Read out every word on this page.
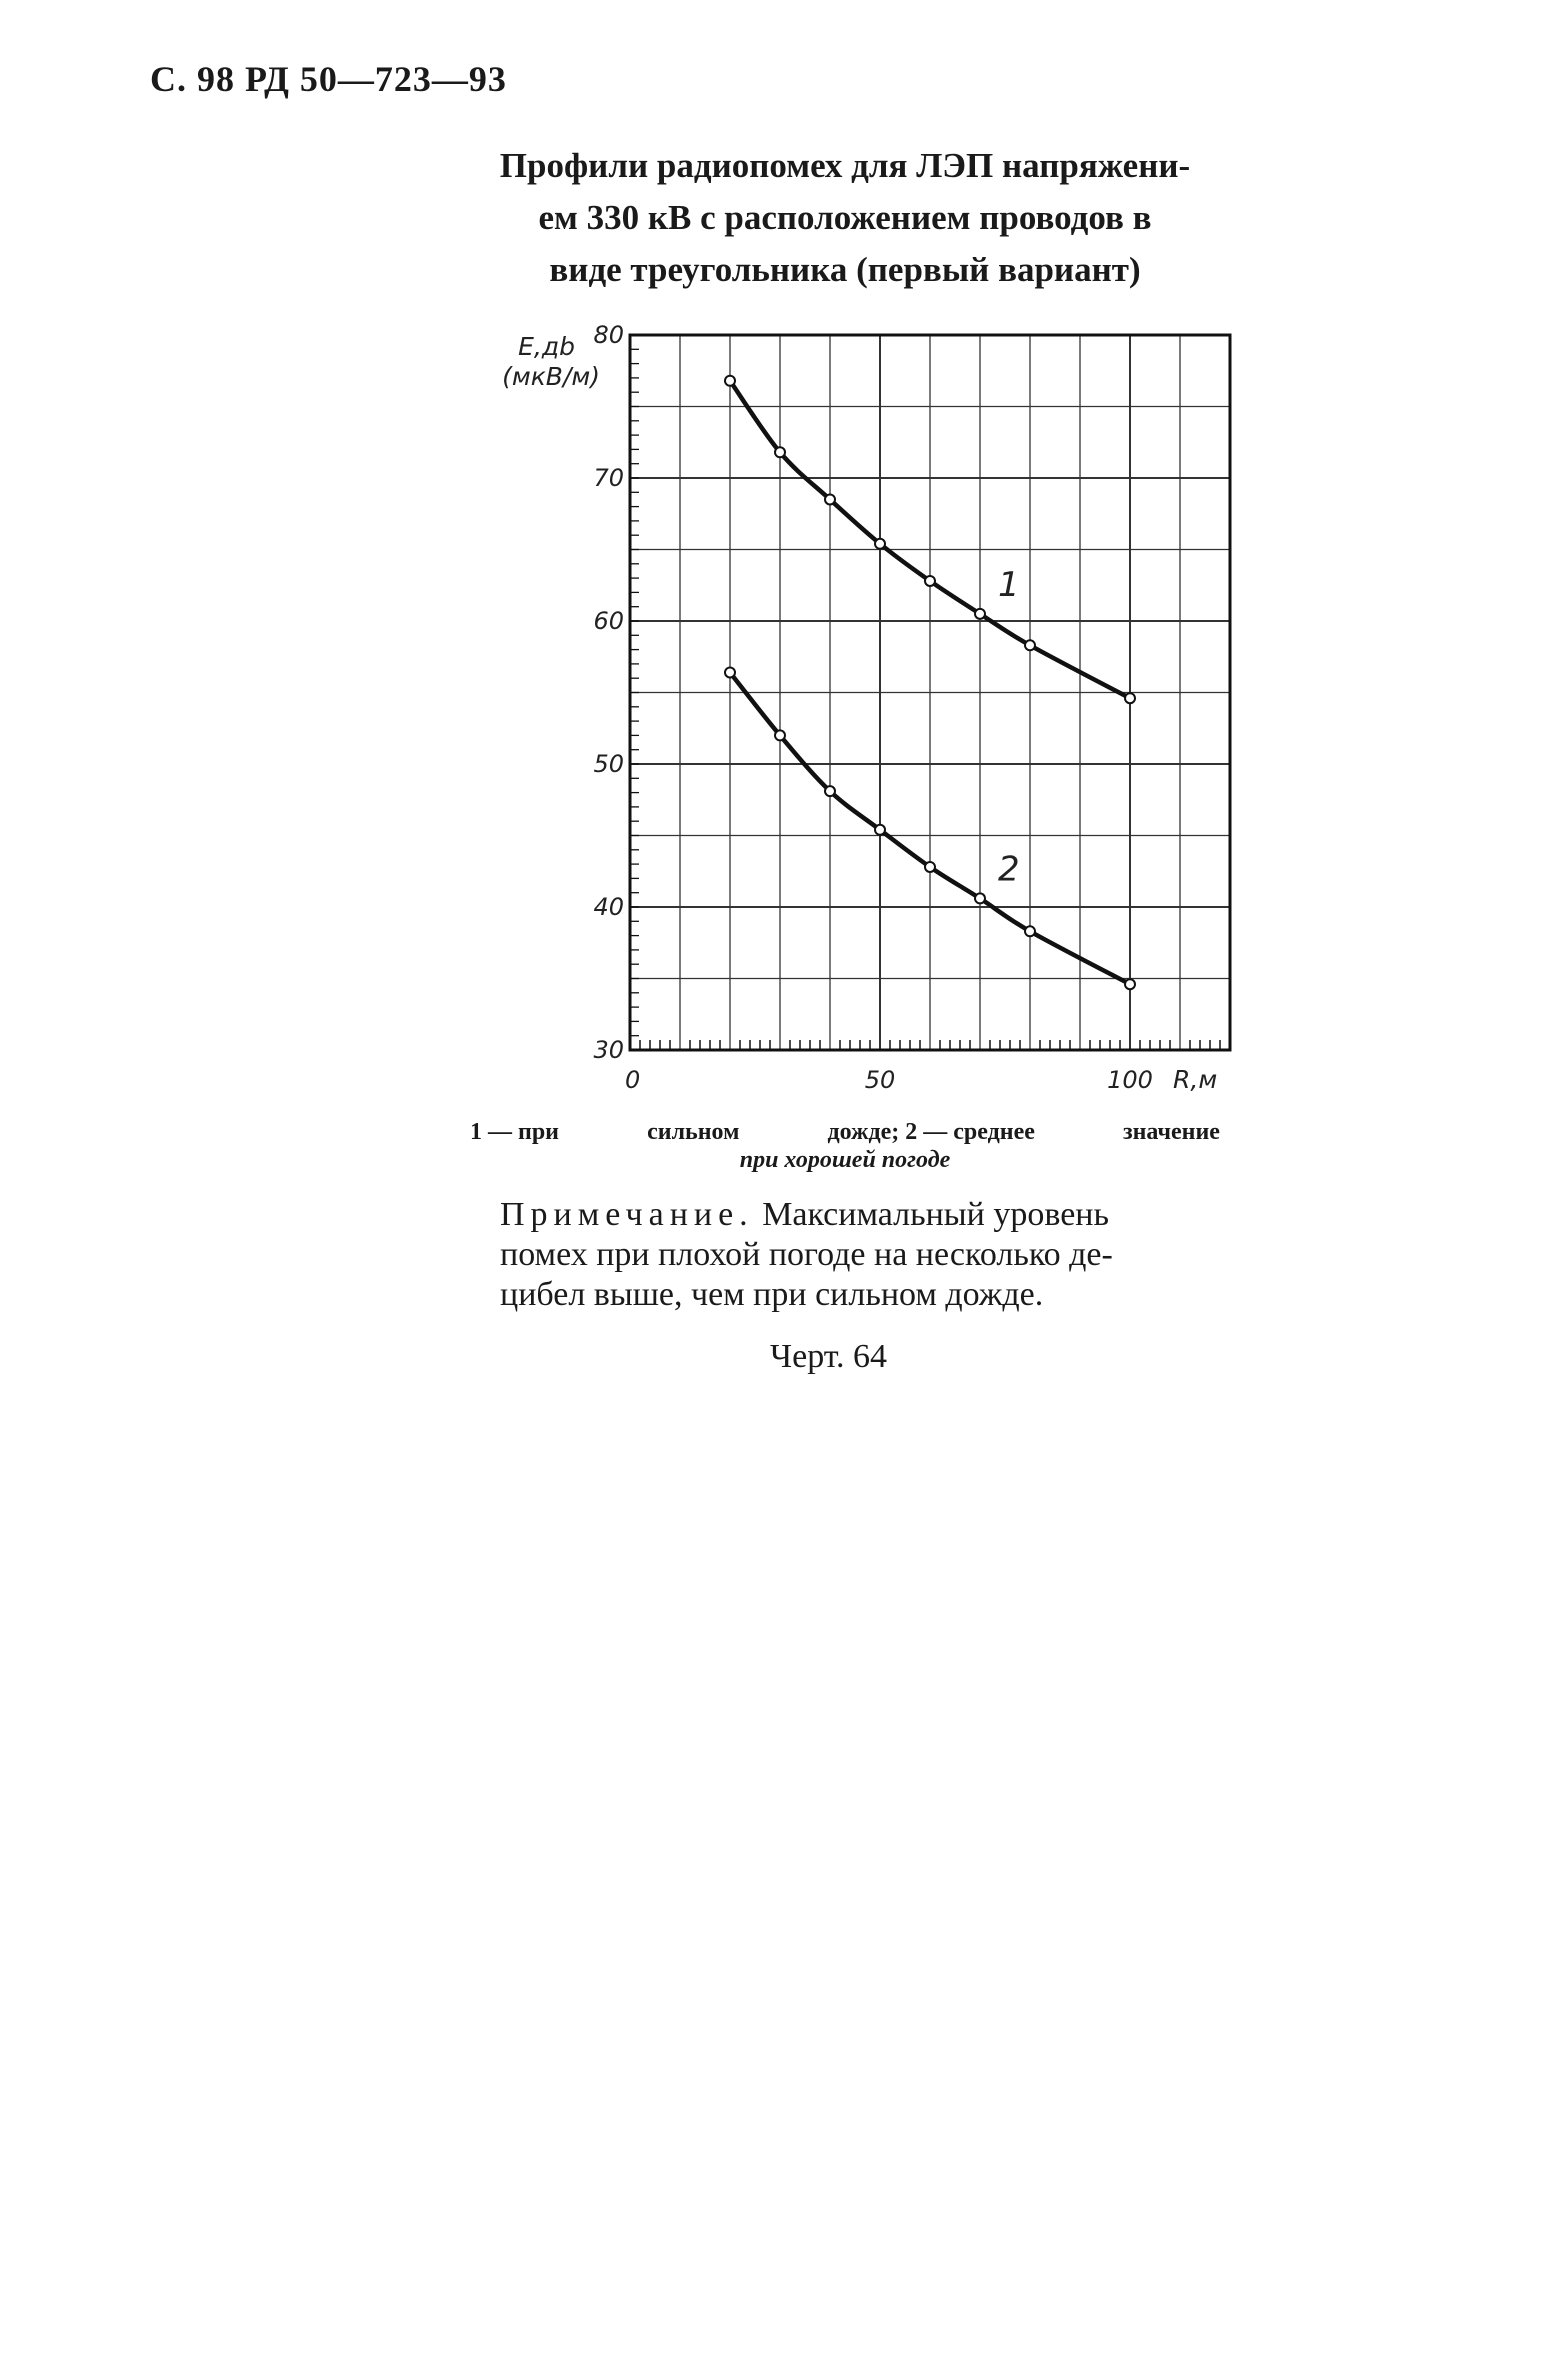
С. 98 РД 50—723—93
Профили радиопомех для ЛЭП напряжени-
ем 330 кВ с расположением проводов в
виде треугольника (первый вариант)
30
40
50
60
70
80
0	50	100
E,дb
(мкВ/м)
R,м
1
2
1 — при	сильном	дожде; 2 — среднее	значение
при хорошей погоде
Примечание. Максимальный уровень
помех при плохой погоде на несколько де-
цибел выше, чем при сильном дожде.
Черт. 64
